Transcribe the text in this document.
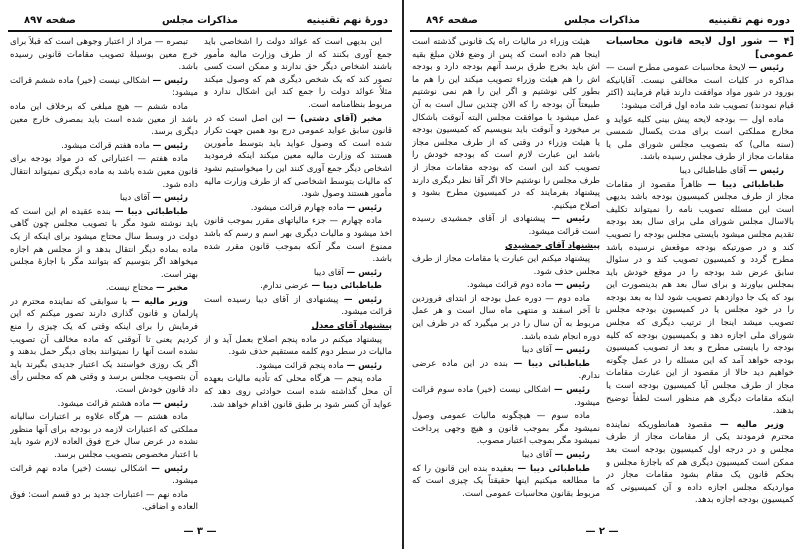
دورهٔ نهم تقنینیه
مذاکرات مجلس
صفحه ۸۹۷

این بدیهی است که عوائد دولت را اشخاصی باید جمع آوری بکنند که از طرف وزارت مالیه مأمور باشند اشخاص دیگر حق ندارند و ممکن است کسی تصور کند که یک شخص دیگری هم که وصول میکند مثلاً عوائد دولت را جمع کند این اشکال ندارد و مربوط بنظامنامه است.

مخبر (آقای دشتی) — این اصل است که در قانون سابق عواید عمومی درج بود همین جهت تکرار شده است که وصول عواید باید بتوسط مأمورین هستند که وزارت مالیه معین میکند اینکه فرمودید اشخاص دیگر جمع آوری کنند این را میخواستیم نشود که مالیات بتوسط اشخاصی که از طرف وزارت مالیه مأمور هستند وصول شود.

رئیس — ماده چهارم قرائت میشود.

ماده چهارم — جزء مالیاتهای مقرر بموجب قانون اخذ میشود و مالیات دیگری بهر اسم و رسم که باشد ممنوع است مگر آنکه بموجب قانون مقرر شده باشد.

رئیس — آقای دیبا

طباطبائی دیبا — عرضی ندارم.

رئیس — پیشنهادی از آقای دیبا رسیده است قرائت میشود.

پیشنهاد آقای معدل

پیشنهاد میکنم در ماده پنجم اصلاح بعمل آید و از مالیات در سطر دوم کلمه مستقیم حذف شود.

رئیس — ماده پنجم قرائت میشود.

ماده پنجم — هرگاه محلی که تأدیه مالیات بعهده آن محل گذاشته شده است حوادثی روی دهد که عواید آن کسر شود بر طبق قانون اقدام خواهد شد.

تبصره — مراد از اعتبار وجوهی است که قبلاً برای خرج معین بوسیلهٔ تصویب مقامات قانونی رسیده باشد.

رئیس — اشکالی نیست (خیر) ماده ششم قرائت میشود:

ماده ششم — هیچ مبلغی که برخلاف این ماده باشد از معین شده است باید بمصرف خارج معین دیگری برسد.

رئیس — ماده هفتم قرائت میشود.

ماده هفتم — اعتباراتی که در مواد بودجه برای قانون معین شده باشد به ماده دیگری نمیتواند انتقال داده شود.

رئیس — آقای دیبا

طباطبائی دیبا — بنده عقیده ام این است که باید نوشته شود مگر با تصویب مجلس چون گاهی دولت در وسط سال محتاج میشود برای اینکه از یک ماده بماده دیگر انتقال بدهد و از مجلس هم اجازه میخواهد اگر بتوسیم که بتوانند مگر با اجازهٔ مجلس بهتر است.

مخبر — محتاج نیست.

وزیر مالیه — با سوابقی که نماینده محترم در پارلمان و قانون گذاری دارند تصور میکنم که این فرمایش را برای اینکه وقتی که یک چیزی را منع کردیم یعنی تا آنوقتی که ماده مخالف آن تصویب نشده است آنها را نمیتوانند بجای دیگر حمل بدهند و اگر یک روزی خواستند یک اعتبار جدیدی بگیرند باید آن بتصویب مجلس برسد و وقتی هم که مجلس رأی داد قانون خودش است.

رئیس — ماده هشتم قرائت میشود.

ماده هشتم — هرگاه علاوه بر اعتبارات سالیانه مملکتی که اعتبارات لازمه در بودجه برای آنها منظور نشده در عرض سال خرج فوق العاده لازم شود باید با اعتبار مخصوص بتصویب مجلس برسد.

رئیس — اشکالی نیست (خیر) ماده نهم قرائت میشود.

ماده نهم — اعتبارات جدید بر دو قسم است: فوق العاده و اضافی.

— ۳ —
دوره نهم تقنینیه
مذاکرات مجلس
صفحه ۸۹۶

[۴ — شور اول لایحه قانون محاسبات عمومی]

رئیس — لایحهٔ محاسبات عمومی مطرح است — مذاکره در کلیات است مخالفی نیست. آقایانیکه بورود در شور مواد موافقت دارند قیام فرمایند (اکثر قیام نمودند) تصویب شد ماده اول قرائت میشود:

ماده اول — بودجه لایحه پیش بینی کلیه عواید و مخارج مملکتی است برای مدت یکسال شمسی (سنه مالی) که بتصویب مجلس شورای ملی یا مقامات مجاز از طرف مجلس رسیده باشد.

رئیس — آقای طباطبائی دیبا

طباطبائی دیبا — ظاهراً مقصود از مقامات مجاز از طرف مجلس کمیسیون بودجه باشد بدیهی است این مسئله تصویب نامه را نمیتواند تکلیف بالاسال مجلس شورای ملی برای سال بعد بودجه تقدیم مجلس میشود بایستی مجلس بودجه را تصویب کند و در صورتیکه بودجه موقعش نرسیده باشد مطرح گردد و کمیسیون تصویب کند و در سئوال سابق عرض شد بودجه را در موقع خودش باید بمجلس بیاورند و برای سال بعد هم بدینصورت این بود که یک جا دوازدهم تصویب شود لذا به بعد بودجه را در خود مجلس یا در کمیسیون بودجه مجلس تصویب میشد اینجا از ترتیب دیگری که مجلس شورای ملی اجازه دهد و بکمیسیون بودجه که کلیه بودجه را بایستی مطرح و بعد از تصویب کمیسیون بودجه خواهد آمد که این مسئله را در عمل چگونه خواهیم دید حالا از مقصود از این عبارت مقامات مجاز از طرف مجلس آیا کمیسیون بودجه است یا اینکه مقامات دیگری هم منظور است لطفاً توضیح بدهند.

وزیر مالیه — مقصود همانطوریکه نماینده محترم فرمودند یکی از مقامات مجاز از طرف مجلس و در درجه اول کمیسیون بودجه است بعد ممکن است کمیسیون دیگری هم که باجازهٔ مجلس و بحکم قانون یک مقام بشود مقامات مجاز در مواردیکه مجلس اجازه داده و آن کمیسیونی که کمیسیون بودجه اجازه بدهد.

هیئت وزراء در مالیات راه یک قانونی گذشته است اینجا هم داده است که پس از وضع فلان مبلغ بقیه اش باید بخرج طرق برسد آنهم بودجه دارد و بودجه اش را هم هیئت وزراء تصویب میکند این را هم ما بطور کلی نوشتیم و اگر این را هم نمی نوشتیم طبیعتاً آن بودجه را که الان چندین سال است به آن عمل میشود با موافقت مجلس البته آنوقت باشکال بر میخورد و آنوقت باید بنویسیم که کمیسیون بودجه یا هیئت وزراء در وقتی که از طرف مجلس مجاز باشد این عبارت لازم است که بودجه خودش را تصویب کند این است که بودجه مقامات مجاز از طرف مجلس را نوشتیم حالا اگر آقا نظر دیگری دارند پیشنهاد بفرمایند که در کمیسیون مطرح بشود و اصلاح میکنیم.

رئیس — پیشنهادی از آقای جمشیدی رسیده است قرائت میشود.

پیشنهاد آقای جمشیدی

پیشنهاد میکنم این عبارت یا مقامات مجاز از طرف مجلس حذف شود.

رئیس — ماده دوم قرائت میشود.

ماده دوم — دوره عمل بودجه از ابتدای فروردین تا آخر اسفند و منتهی ماه سال است و هر عمل مربوط به آن سال را در بر میگیرد که در ظرف این دوره انجام شده باشد.

رئیس — آقای دیبا

طباطبائی دیبا — بنده در این ماده عرضی ندارم.

رئیس — اشکالی نیست (خیر) ماده سوم قرائت میشود.

ماده سوم — هیچگونه مالیات عمومی وصول نمیشود مگر بموجب قانون و هیچ وجهی پرداخت نمیشود مگر بموجب اعتبار مصوب.

رئیس — آقای دیبا

طباطبائی دیبا — بعقیده بنده این قانون را که ما مطالعه میکنیم اینها حقیقتاً یک چیزی است که مربوط بقانون محاسبات عمومی است.

— ۲ —
